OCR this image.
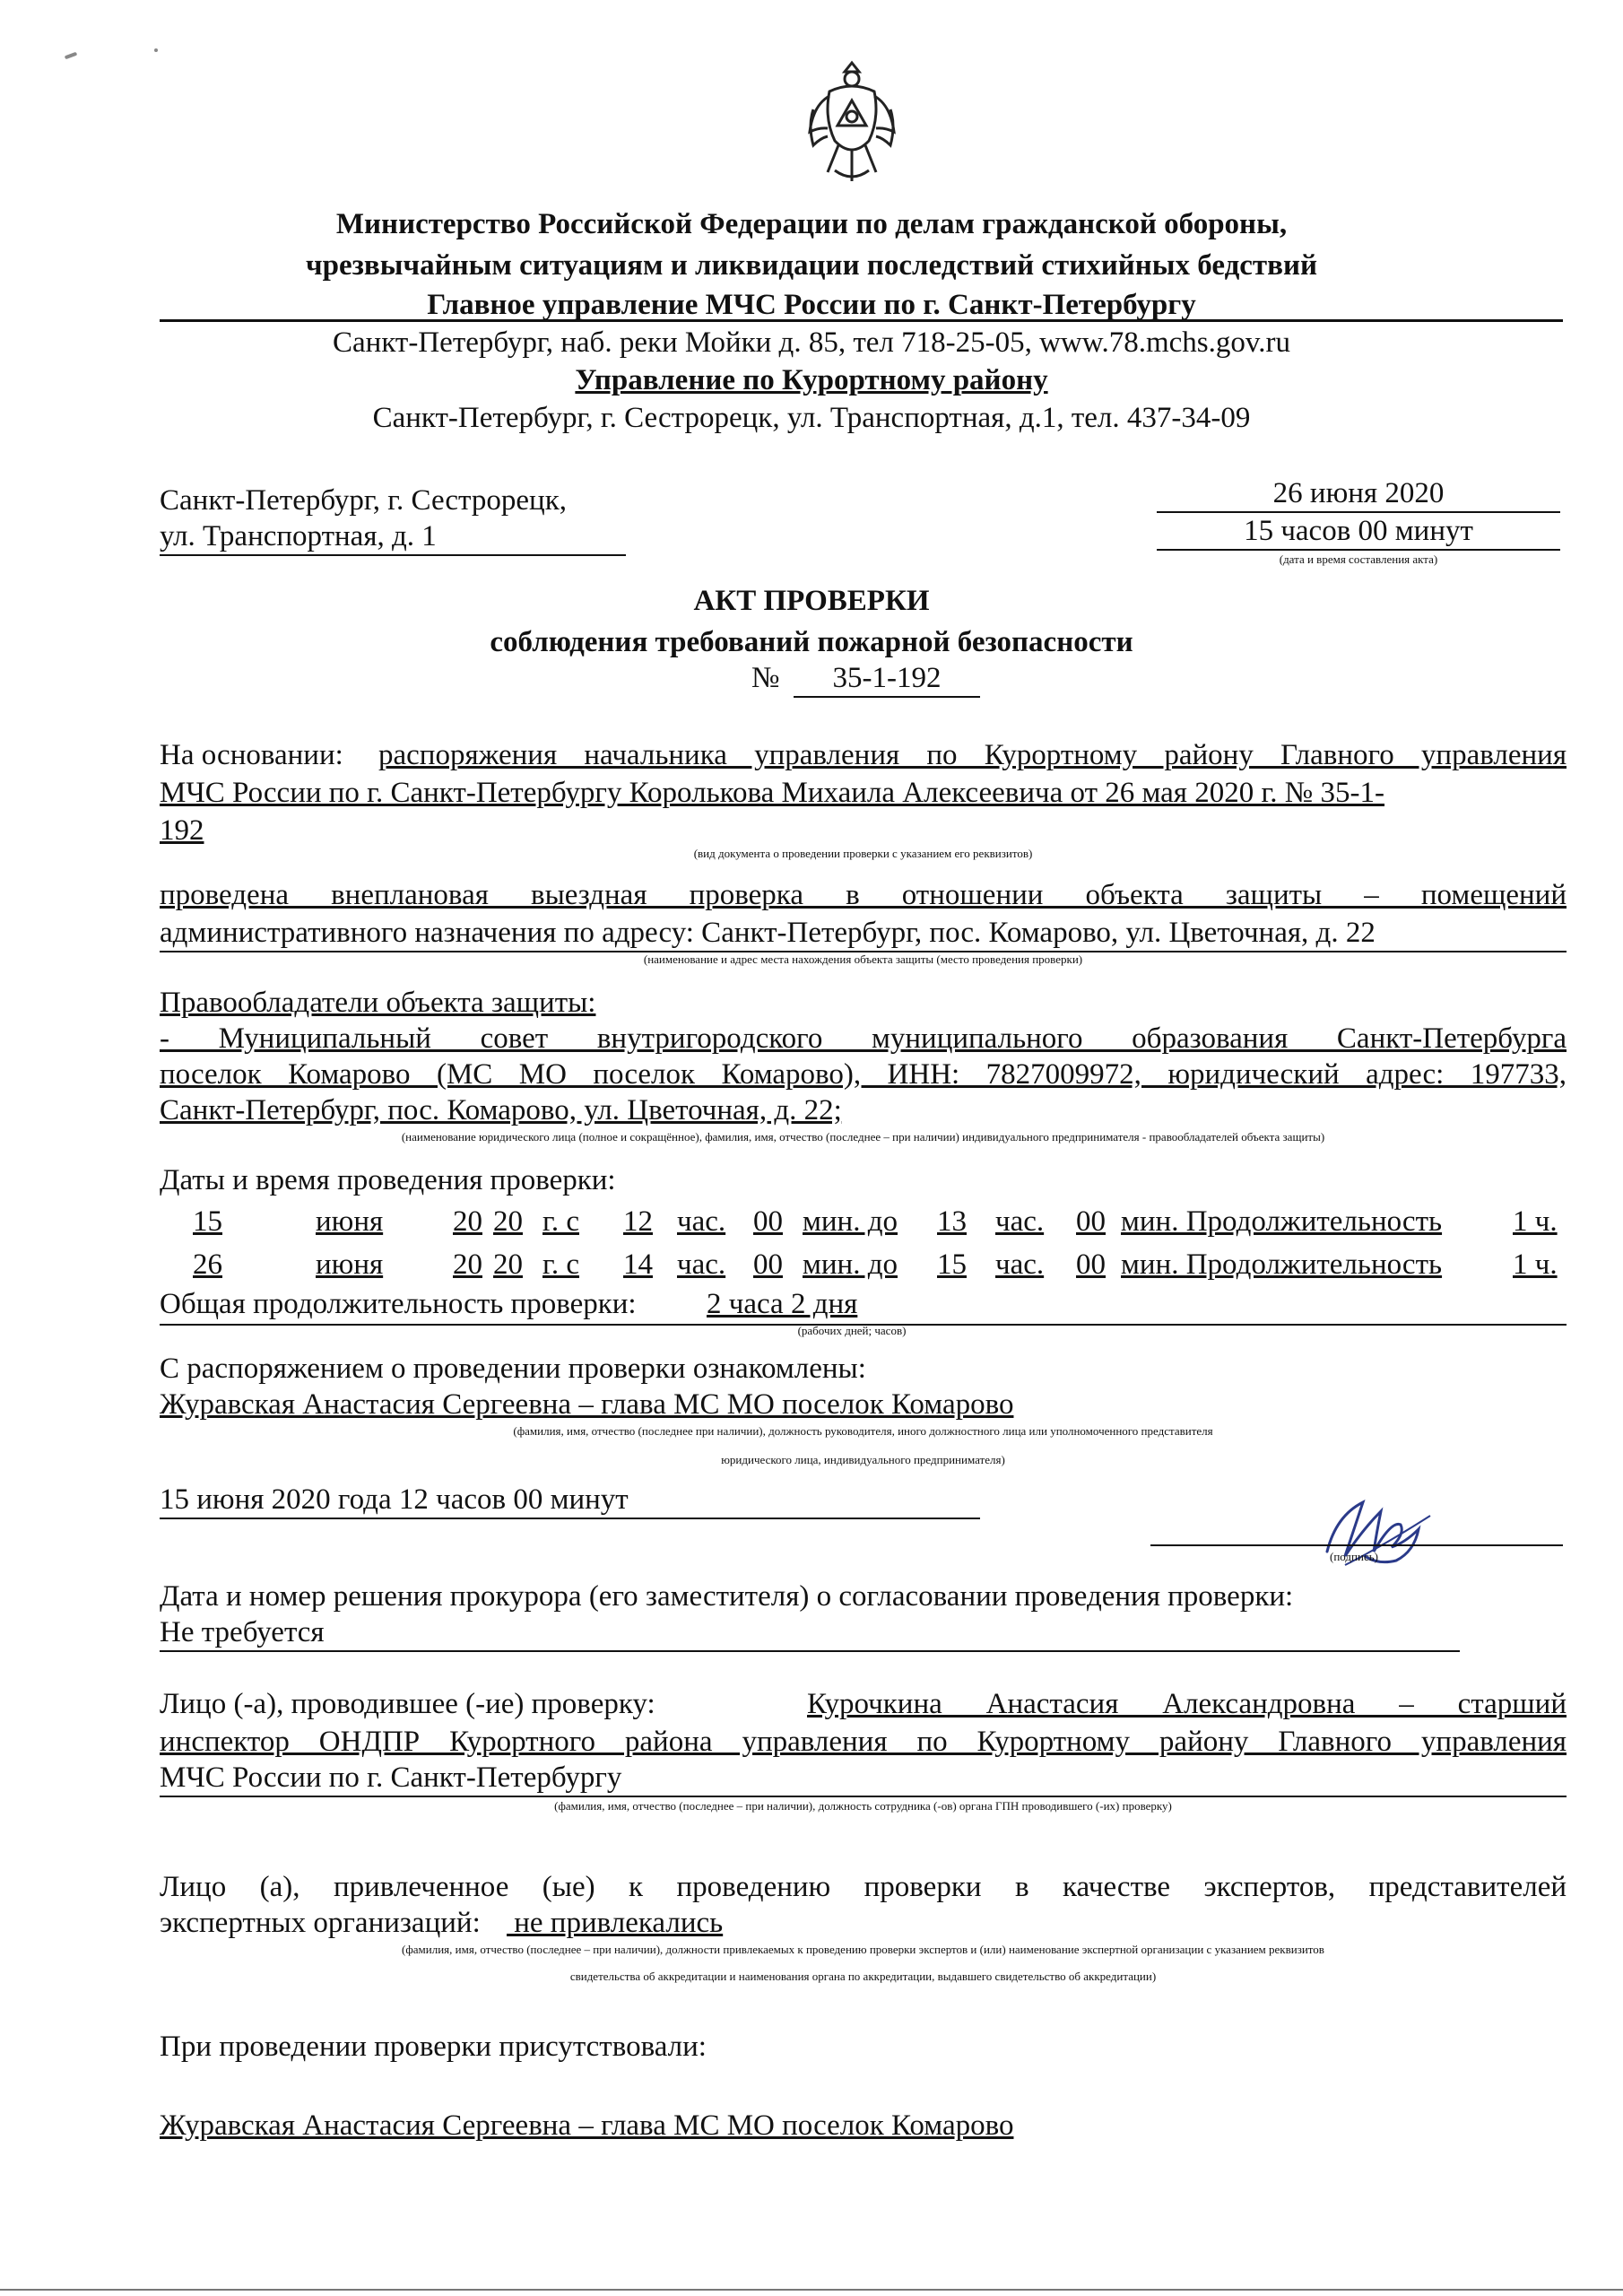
Министерство Российской Федерации по делам гражданской обороны,
чрезвычайным ситуациям и ликвидации последствий стихийных бедствий
Главное управление МЧС России по г. Санкт-Петербургу
Санкт-Петербург, наб. реки Мойки д. 85, тел 718-25-05, www.78.mchs.gov.ru
Управление по Курортному району
Санкт-Петербург, г. Сестрорецк, ул. Транспортная, д.1, тел. 437-34-09
Санкт-Петербург, г. Сестрорецк,
ул. Транспортная, д. 1
26 июня 2020
15 часов 00 минут
(дата и время составления акта)
АКТ ПРОВЕРКИ
соблюдения требований пожарной безопасности
№	35-1-192
На основании: распоряжения начальника управления по Курортному району Главного управления
МЧС России по г. Санкт-Петербургу Королькова Михаила Алексеевича от 26 мая 2020 г. № 35-1-
192
(вид документа о проведении проверки с указанием его реквизитов)
проведена внеплановая выездная проверка в отношении объекта защиты – помещений
административного назначения по адресу: Санкт-Петербург, пос. Комарово, ул. Цветочная, д. 22
(наименование и адрес места нахождения объекта защиты (место проведения проверки)
Правообладатели объекта защиты:
- Муниципальный совет внутригородского муниципального образования Санкт-Петербурга
поселок Комарово (МС МО поселок Комарово), ИНН: 7827009972, юридический адрес: 197733,
Санкт-Петербург, пос. Комарово, ул. Цветочная, д. 22;
(наименование юридического лица (полное и сокращённое), фамилия, имя, отчество (последнее – при наличии) индивидуального предпринимателя - правообладателей объекта защиты)
Даты и время проведения проверки:
15	июня 20 20 г. с 12 час. 00 мин. до 13 час. 00 мин. Продолжительность 1 ч.
26	июня 20 20 г. с 14 час. 00 мин. до 15 час. 00 мин. Продолжительность 1 ч.
Общая продолжительность проверки: 2 часа 2 дня
(рабочих дней; часов)
С распоряжением о проведении проверки ознакомлены:
Журавская Анастасия Сергеевна – глава МС МО поселок Комарово
(фамилия, имя, отчество (последнее при наличии), должность руководителя, иного должностного лица или уполномоченного представителя
юридического лица, индивидуального предпринимателя)
15 июня 2020 года 12 часов 00 минут
(подпись)
Дата и номер решения прокурора (его заместителя) о согласовании проведения проверки:
Не требуется
Лицо (-а), проводившее (-ие) проверку:	Курочкина Анастасия Александровна – старший
инспектор ОНДПР Курортного района управления по Курортному району Главного управления
МЧС России по г. Санкт-Петербургу
(фамилия, имя, отчество (последнее – при наличии), должность сотрудника (-ов) органа ГПН проводившего (-их) проверку)
Лицо (а), привлеченное (ые) к проведению проверки в качестве экспертов, представителей
экспертных организаций: не привлекались
(фамилия, имя, отчество (последнее – при наличии), должности привлекаемых к проведению проверки экспертов и (или) наименование экспертной организации с указанием реквизитов
свидетельства об аккредитации и наименования органа по аккредитации, выдавшего свидетельство об аккредитации)
При проведении проверки присутствовали:
Журавская Анастасия Сергеевна – глава МС МО поселок Комарово
